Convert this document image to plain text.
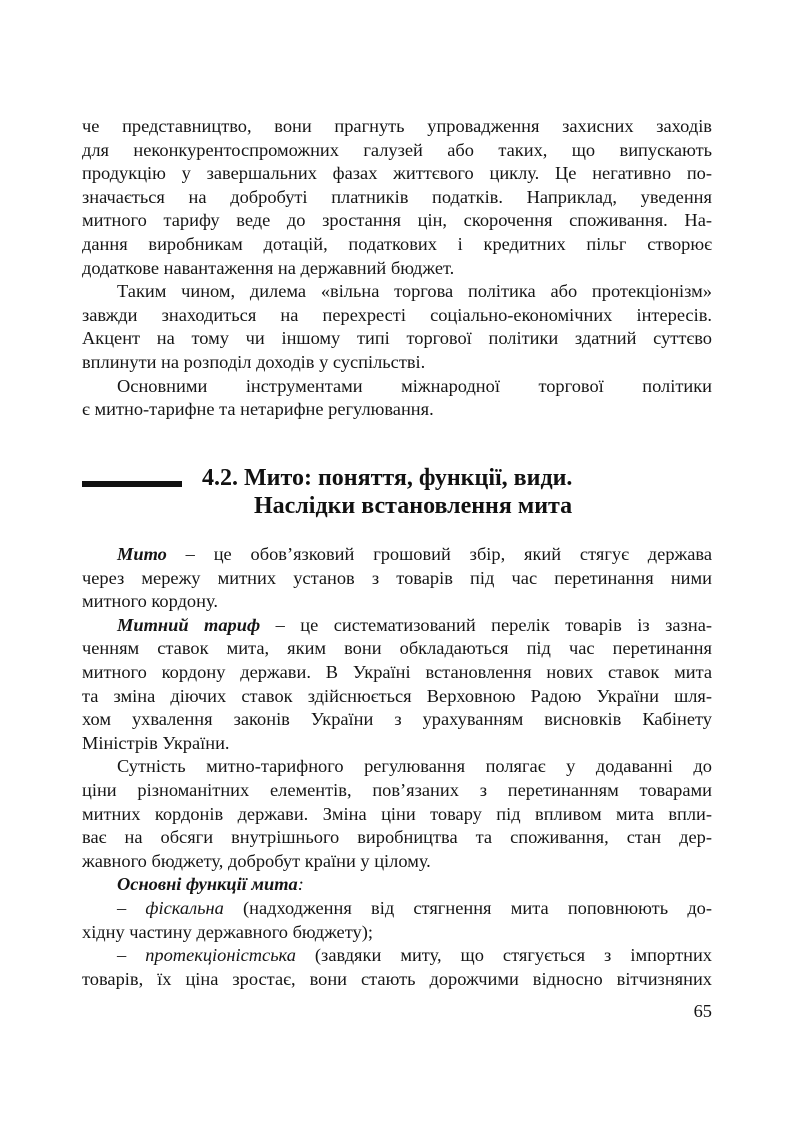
че представництво, вони прагнуть упровадження захисних заходів
для неконкурентоспроможних галузей або таких, що випускають
продукцію у завершальних фазах життєвого циклу. Це негативно по-
значається на добробуті платників податків. Наприклад, уведення
митного тарифу веде до зростання цін, скорочення споживання. На-
дання виробникам дотацій, податкових і кредитних пільг створює
додаткове навантаження на державний бюджет.
Таким чином, дилема «вільна торгова політика або протекціонізм»
завжди знаходиться на перехресті соціально-економічних інтересів.
Акцент на тому чи іншому типі торгової політики здатний суттєво
вплинути на розподіл доходів у суспільстві.
Основними інструментами міжнародної торгової політики
є митно-тарифне та нетарифне регулювання.
4.2. Мито: поняття, функції, види.
Наслідки встановлення мита
Мито – це обов’язковий грошовий збір, який стягує держава
через мережу митних установ з товарів під час перетинання ними
митного кордону.
Митний тариф – це систематизований перелік товарів із зазна-
ченням ставок мита, яким вони обкладаються під час перетинання
митного кордону держави. В Україні встановлення нових ставок мита
та зміна діючих ставок здійснюється Верховною Радою України шля-
хом ухвалення законів України з урахуванням висновків Кабінету
Міністрів України.
Сутність митно-тарифного регулювання полягає у додаванні до
ціни різноманітних елементів, пов’язаних з перетинанням товарами
митних кордонів держави. Зміна ціни товару під впливом мита впли-
ває на обсяги внутрішнього виробництва та споживання, стан дер-
жавного бюджету, добробут країни у цілому.
Основні функції мита:
– фіскальна (надходження від стягнення мита поповнюють до-
хідну частину державного бюджету);
– протекціоністська (завдяки миту, що стягується з імпортних
товарів, їх ціна зростає, вони стають дорожчими відносно вітчизняних
65
